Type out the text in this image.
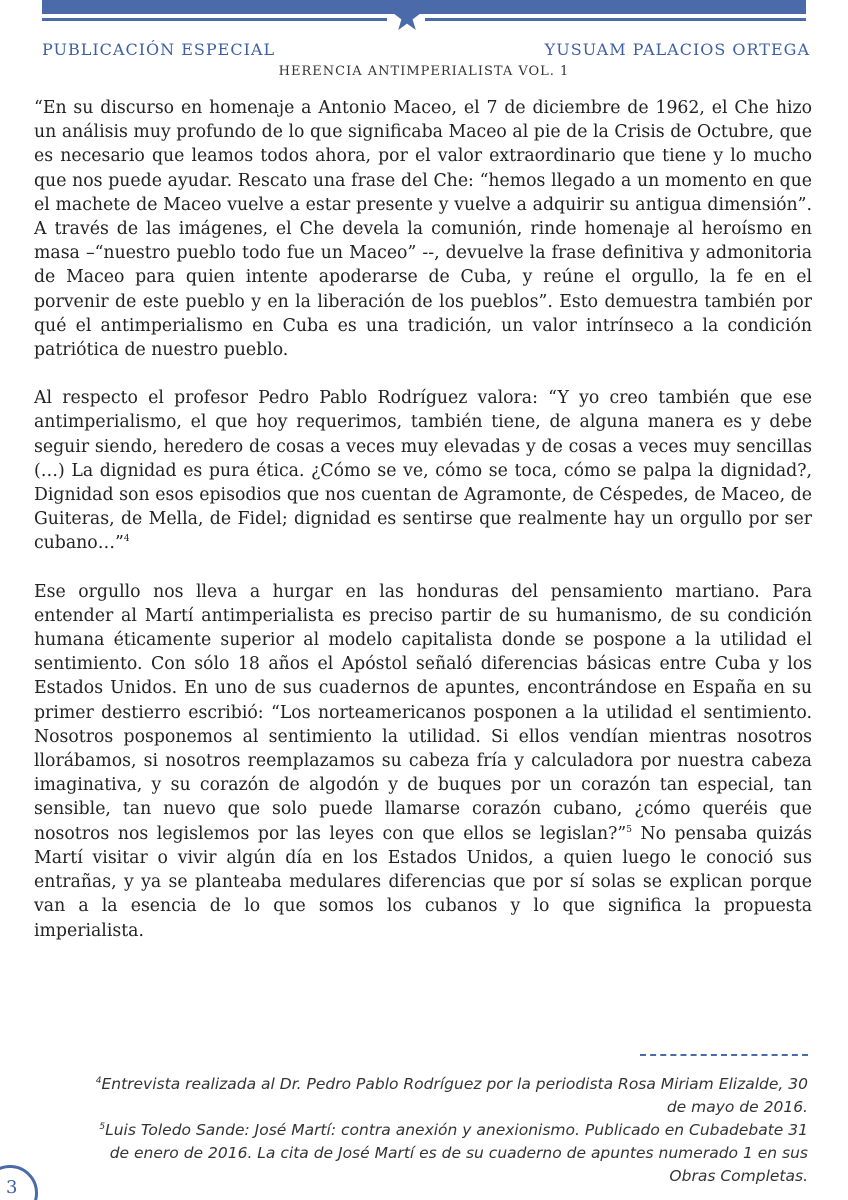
PUBLICACIÓN ESPECIAL	YUSUAM PALACIOS ORTEGA
HERENCIA ANTIMPERIALISTA VOL. 1

“En su discurso en homenaje a Antonio Maceo, el 7 de diciembre de 1962, el Che hizo un análisis muy profundo de lo que significaba Maceo al pie de la Crisis de Octubre, que es necesario que leamos todos ahora, por el valor extraordinario que tiene y lo mucho que nos puede ayudar. Rescato una frase del Che: “hemos llegado a un momento en que el machete de Maceo vuelve a estar presente y vuelve a adquirir su antigua dimensión”. A través de las imágenes, el Che devela la comunión, rinde homenaje al heroísmo en masa –“nuestro pueblo todo fue un Maceo” --, devuelve la frase definitiva y admonitoria de Maceo para quien intente apoderarse de Cuba, y reúne el orgullo, la fe en el porvenir de este pueblo y en la liberación de los pueblos”. Esto demuestra también por qué el antimperialismo en Cuba es una tradición, un valor intrínseco a la condición patriótica de nuestro pueblo.

Al respecto el profesor Pedro Pablo Rodríguez valora: “Y yo creo también que ese antimperialismo, el que hoy requerimos, también tiene, de alguna manera es y debe seguir siendo, heredero de cosas a veces muy elevadas y de cosas a veces muy sencillas (…) La dignidad es pura ética. ¿Cómo se ve, cómo se toca, cómo se palpa la dignidad?, Dignidad son esos episodios que nos cuentan de Agramonte, de Céspedes, de Maceo, de Guiteras, de Mella, de Fidel; dignidad es sentirse que realmente hay un orgullo por ser cubano…”$^4$

Ese orgullo nos lleva a hurgar en las honduras del pensamiento martiano. Para entender al Martí antimperialista es preciso partir de su humanismo, de su condición humana éticamente superior al modelo capitalista donde se pospone a la utilidad el sentimiento. Con sólo 18 años el Apóstol señaló diferencias básicas entre Cuba y los Estados Unidos. En uno de sus cuadernos de apuntes, encontrándose en España en su primer destierro escribió: “Los norteamericanos posponen a la utilidad el sentimiento. Nosotros posponemos al sentimiento la utilidad. Si ellos vendían mientras nosotros llorábamos, si nosotros reemplazamos su cabeza fría y calculadora por nuestra cabeza imaginativa, y su corazón de algodón y de buques por un corazón tan especial, tan sensible, tan nuevo que solo puede llamarse corazón cubano, ¿cómo queréis que nosotros nos legislemos por las leyes con que ellos se legislan?”$^5$ No pensaba quizás Martí visitar o vivir algún día en los Estados Unidos, a quien luego le conoció sus entrañas, y ya se planteaba medulares diferencias que por sí solas se explican porque van a la esencia de lo que somos los cubanos y lo que significa la propuesta imperialista.

$^4$Entrevista realizada al Dr. Pedro Pablo Rodríguez por la periodista Rosa Miriam Elizalde, 30 de mayo de 2016.
$^5$Luis Toledo Sande: José Martí: contra anexión y anexionismo. Publicado en Cubadebate 31 de enero de 2016. La cita de José Martí es de su cuaderno de apuntes numerado 1 en sus Obras Completas.
3
